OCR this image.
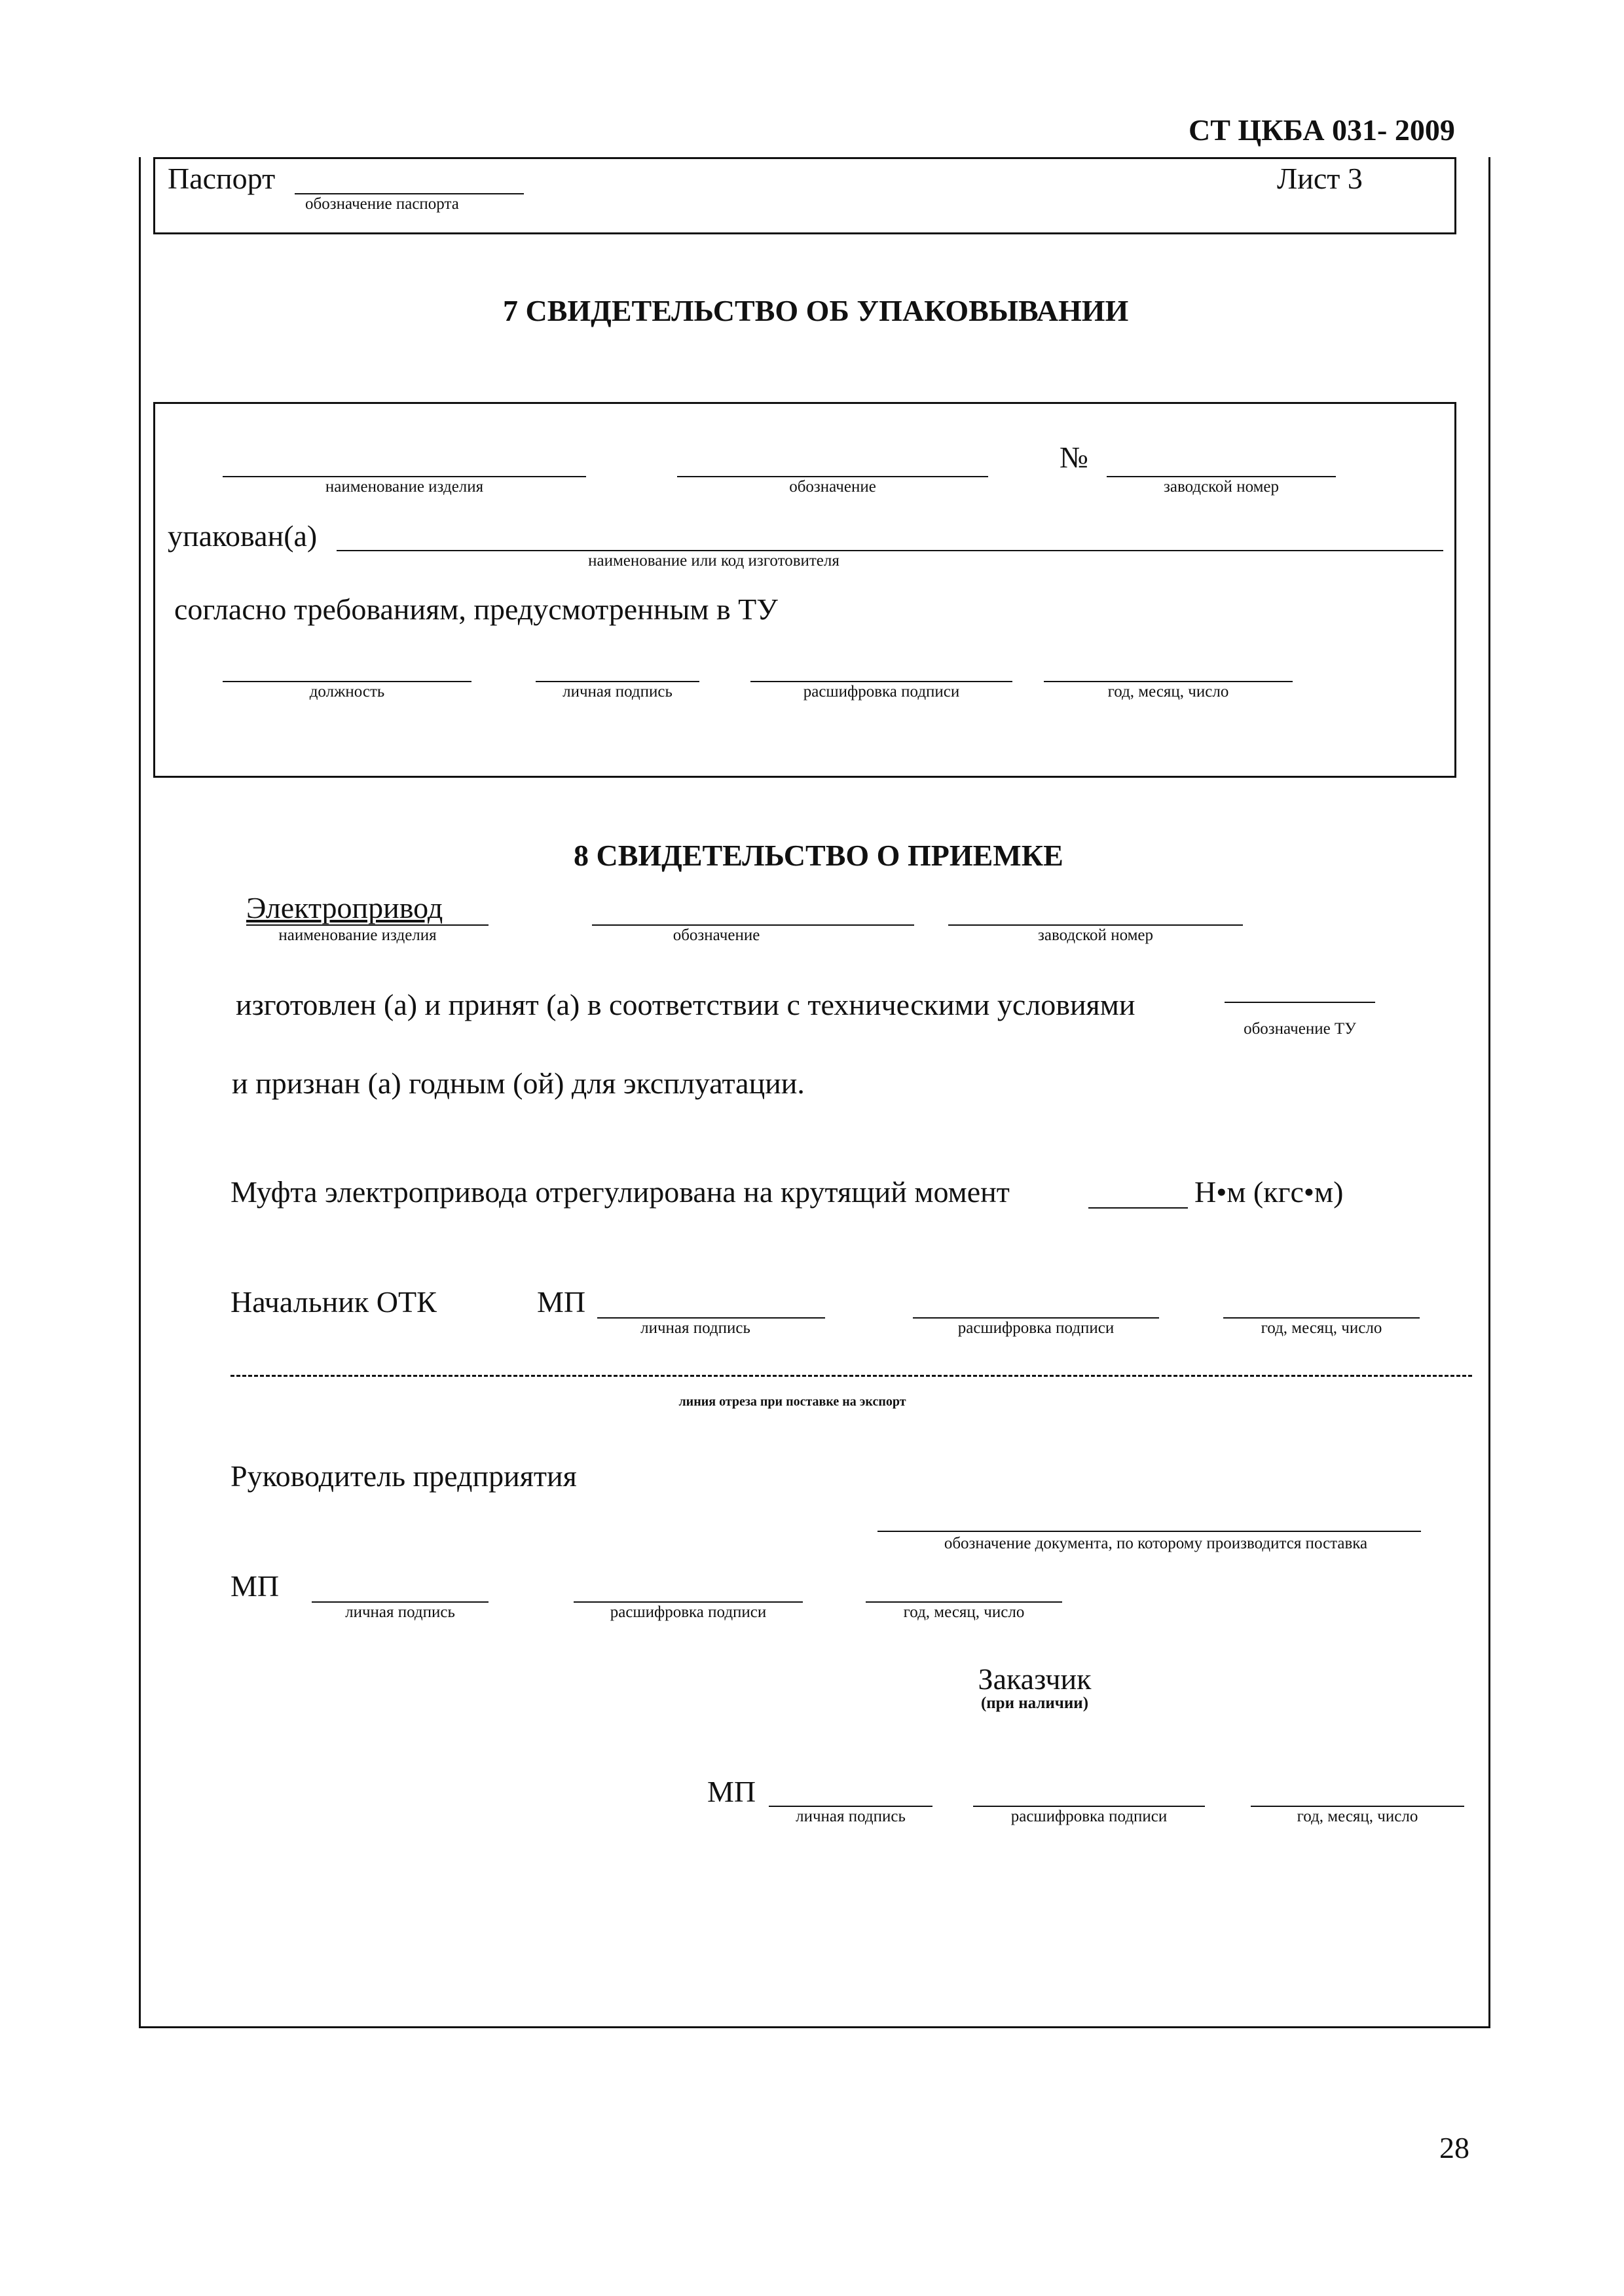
СТ ЦКБА 031- 2009
Паспорт
обозначение паспорта
Лист 3
7 СВИДЕТЕЛЬСТВО ОБ УПАКОВЫВАНИИ
наименование изделия	обозначение
№
заводской номер
упакован(а)
наименование или код изготовителя
согласно требованиям, предусмотренным в ТУ
должность	личная подпись	расшифровка подписи	год, месяц, число
8 СВИДЕТЕЛЬСТВО О ПРИЕМКЕ
Электропривод
наименование изделия	обозначение	заводской номер
изготовлен (а) и принят (а) в соответствии с техническими условиями
обозначение ТУ
и признан (а) годным (ой) для эксплуатации.
Муфта электропривода отрегулирована на крутящий момент	Н•м (кгс•м)
Начальник ОТК	МП
личная подпись	расшифровка подписи	год, месяц, число
линия отреза при поставке на экспорт
Руководитель предприятия
обозначение документа, по которому производится поставка
МП
личная подпись	расшифровка подписи	год, месяц, число
Заказчик
(при наличии)
МП
личная подпись	расшифровка подписи	год, месяц, число
28
